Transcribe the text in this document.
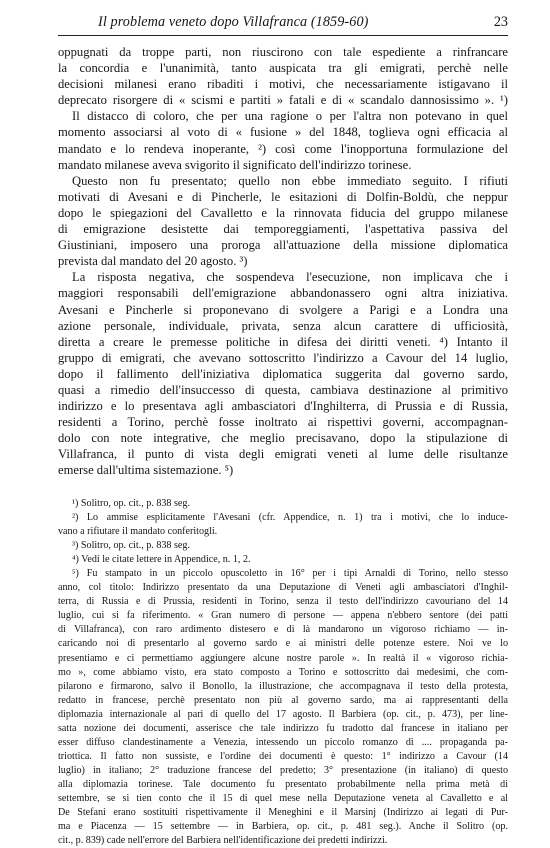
Il problema veneto dopo Villafranca (1859-60)	23
oppugnati da troppe parti, non riuscirono con tale espediente a rinfrancare
la concordia e l'unanimità, tanto auspicata tra gli emigrati, perchè nelle
decisioni milanesi erano ribaditi i motivi, che necessariamente istigavano il
deprecato risorgere di « scismi e partiti » fatali e di « scandalo dannosissimo ». ¹)
Il distacco di coloro, che per una ragione o per l'altra non potevano in quel
momento associarsi al voto di « fusione » del 1848, toglieva ogni efficacia al
mandato e lo rendeva inoperante, ²) così come l'inopportuna formulazione del
mandato milanese aveva svigorito il significato dell'indirizzo torinese.
Questo non fu presentato; quello non ebbe immediato seguito. I rifiuti
motivati di Avesani e di Pincherle, le esitazioni di Dolfin-Boldù, che neppur
dopo le spiegazioni del Cavalletto e la rinnovata fiducia del gruppo milanese
di emigrazione desistette dai temporeggiamenti, l'aspettativa passiva del
Giustiniani, imposero una proroga all'attuazione della missione diplomatica
prevista dal mandato del 20 agosto. ³)
La risposta negativa, che sospendeva l'esecuzione, non implicava che i
maggiori responsabili dell'emigrazione abbandonassero ogni altra iniziativa.
Avesani e Pincherle si proponevano di svolgere a Parigi e a Londra una
azione personale, individuale, privata, senza alcun carattere di ufficiosità,
diretta a creare le premesse politiche in difesa dei diritti veneti. ⁴) Intanto il
gruppo di emigrati, che avevano sottoscritto l'indirizzo a Cavour del 14 luglio,
dopo il fallimento dell'iniziativa diplomatica suggerita dal governo sardo,
quasi a rimedio dell'insuccesso di questa, cambiava destinazione al primitivo
indirizzo e lo presentava agli ambasciatori d'Inghilterra, di Prussia e di Russia,
residenti a Torino, perchè fosse inoltrato ai rispettivi governi, accompagnan-
dolo con note integrative, che meglio precisavano, dopo la stipulazione di
Villafranca, il punto di vista degli emigrati veneti al lume delle risultanze
emerse dall'ultima sistemazione. ⁵)
¹) Solitro, op. cit., p. 838 seg.
²) Lo ammise esplicitamente l'Avesani (cfr. Appendice, n. 1) tra i motivi, che lo induce-
vano a rifiutare il mandato conferitogli.
³) Solitro, op. cit., p. 838 seg.
⁴) Vedi le citate lettere in Appendice, n. 1, 2.
⁵) Fu stampato in un piccolo opuscoletto in 16° per i tipi Arnaldi di Torino, nello stesso
anno, col titolo: Indirizzo presentato da una Deputazione di Veneti agli ambasciatori d'Inghil-
terra, di Russia e di Prussia, residenti in Torino, senza il testo dell'indirizzo cavouriano del 14
luglio, cui si fa riferimento. « Gran numero di persone — appena n'ebbero sentore (dei patti
di Villafranca), con raro ardimento distesero e di là mandarono un vigoroso richiamo — in-
caricando noi di presentarlo al governo sardo e ai ministri delle potenze estere. Noi ve lo
presentiamo e ci permettiamo aggiungere alcune nostre parole ». In realtà il « vigoroso richia-
mo », come abbiamo visto, era stato composto a Torino e sottoscritto dai medesimi, che com-
pilarono e firmarono, salvo il Bonollo, la illustrazione, che accompagnava il testo della protesta,
redatto in francese, perchè presentato non più al governo sardo, ma ai rappresentanti della
diplomazia internazionale al pari di quello del 17 agosto. Il Barbiera (op. cit., p. 473), per line-
satta nozione dei documenti, asserisce che tale indirizzo fu tradotto dal francese in italiano per
esser diffuso clandestinamente a Venezia, intessendo un piccolo romanzo di .... propaganda pa-
triottica. Il fatto non sussiste, e l'ordine dei documenti è questo: 1° indirizzo a Cavour (14
luglio) in italiano; 2° traduzione francese del predetto; 3° presentazione (in italiano) di questo
alla diplomazia torinese. Tale documento fu presentato probabilmente nella prima metà di
settembre, se si tien conto che il 15 di quel mese nella Deputazione veneta al Cavalletto e al
De Stefani erano sostituiti rispettivamente il Meneghini e il Marsinj (Indirizzo ai legati di Pur-
ma e Piacenza — 15 settembre — in Barbiera, op. cit., p. 481 seg.). Anche il Solitro (op.
cit., p. 839) cade nell'errore del Barbiera nell'identificazione dei predetti indirizzi.
